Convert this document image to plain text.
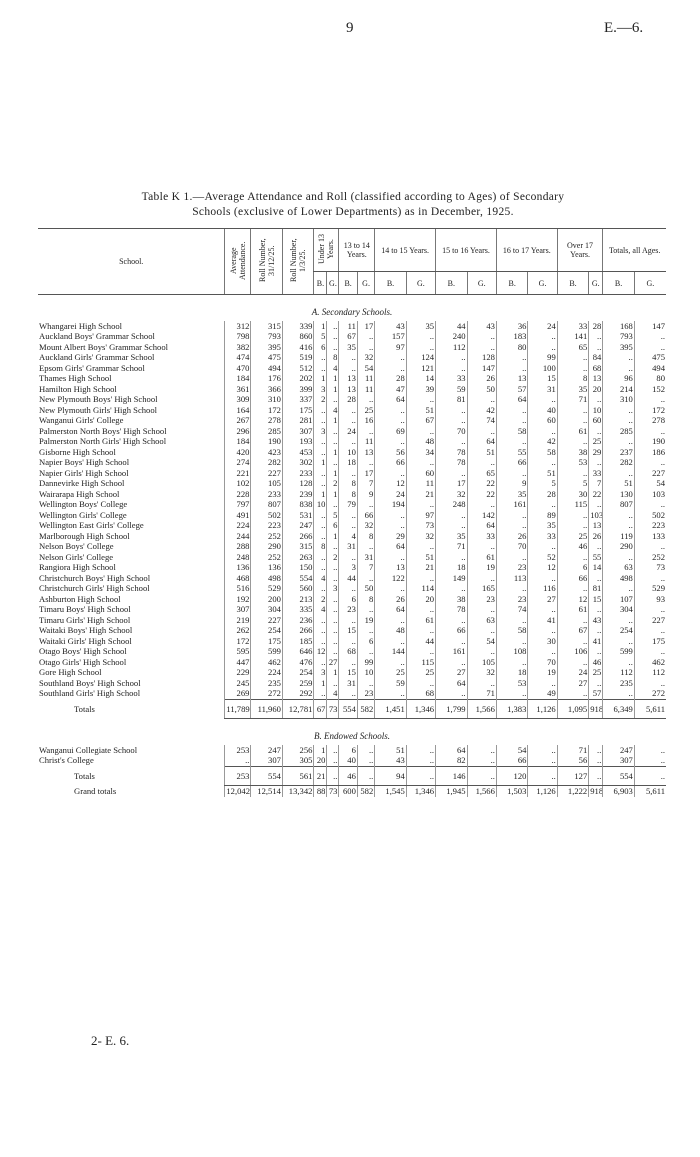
9	E.—6.
Table K 1.—Average Attendance and Roll (classified according to Ages) of Secondary
Schools (exclusive of Lower Departments) as in December, 1925.
School.	Average Attendance.	Roll Number, 31/12/25.	Roll Number, 1/3/25.	Under 13 Years.		13 to 14 Years.		14 to 15 Years.		15 to 16 Years.		16 to 17 Years.		Over 17 Years.		Totals, all Ages.	
				B.	G.	B.	G.	B.	G.	B.	G.	B.	G.	B.	G.	B.	G.
A. Secondary Schools.																	
Whangarei High School	312	315	339	1	..	11	17	43	35	44	43	36	24	33	28	168	147
Auckland Boys' Grammar School	798	793	860	5	..	67	..	157	..	240	..	183	..	141	..	793	..
Mount Albert Boys' Grammar School	382	395	416	6	..	35	..	97	..	112	..	80	..	65	..	395	..
Auckland Girls' Grammar School	474	475	519	..	8	..	32	..	124	..	128	..	99	..	84	..	475
Epsom Girls' Grammar School	470	494	512	..	4	..	54	..	121	..	147	..	100	..	68	..	494
Thames High School	184	176	202	1	1	13	11	28	14	33	26	13	15	8	13	96	80
Hamilton High School	361	366	399	3	1	13	11	47	39	59	50	57	31	35	20	214	152
New Plymouth Boys' High School	309	310	337	2	..	28	..	64	..	81	..	64	..	71	..	310	..
New Plymouth Girls' High School	164	172	175	..	4	..	25	..	51	..	42	..	40	..	10	..	172
Wanganui Girls' College	267	278	281	..	1	..	16	..	67	..	74	..	60	..	60	..	278
Palmerston North Boys' High School	296	285	307	3	..	24	..	69	..	70	..	58	..	61	..	285	..
Palmerston North Girls' High School	184	190	193	..	..	..	11	..	48	..	64	..	42	..	25	..	190
Gisborne High School	420	423	453	..	1	10	13	56	34	78	51	55	58	38	29	237	186
Napier Boys' High School	274	282	302	1	..	18	..	66	..	78	..	66	..	53	..	282	..
Napier Girls' High School	221	227	233	..	1	..	17	..	60	..	65	..	51	..	33	..	227
Dannevirke High School	102	105	128	..	2	8	7	12	11	17	22	9	5	5	7	51	54
Wairarapa High School	228	233	239	1	1	8	9	24	21	32	22	35	28	30	22	130	103
Wellington Boys' College	797	807	838	10	..	79	..	194	..	248	..	161	..	115	..	807	..
Wellington Girls' College	491	502	531	..	5	..	66	..	97	..	142	..	89	..	103	..	502
Wellington East Girls' College	224	223	247	..	6	..	32	..	73	..	64	..	35	..	13	..	223
Marlborough High School	244	252	266	..	1	4	8	29	32	35	33	26	33	25	26	119	133
Nelson Boys' College	288	290	315	8	..	31	..	64	..	71	..	70	..	46	..	290	..
Nelson Girls' College	248	252	263	..	2	..	31	..	51	..	61	..	52	..	55	..	252
Rangiora High School	136	136	150	..	..	3	7	13	21	18	19	23	12	6	14	63	73
Christchurch Boys' High School	468	498	554	4	..	44	..	122	..	149	..	113	..	66	..	498	..
Christchurch Girls' High School	516	529	560	..	3	..	50	..	114	..	165	..	116	..	81	..	529
Ashburton High School	192	200	213	2	..	6	8	26	20	38	23	23	27	12	15	107	93
Timaru Boys' High School	307	304	335	4	..	23	..	64	..	78	..	74	..	61	..	304	..
Timaru Girls' High School	219	227	236	..	..	..	19	..	61	..	63	..	41	..	43	..	227
Waitaki Boys' High School	262	254	266	..	..	15	..	48	..	66	..	58	..	67	..	254	..
Waitaki Girls' High School	172	175	185	..	..	..	6	..	44	..	54	..	30	..	41	..	175
Otago Boys' High School	595	599	646	12	..	68	..	144	..	161	..	108	..	106	..	599	..
Otago Girls' High School	447	462	476	..	27	..	99	..	115	..	105	..	70	..	46	..	462
Gore High School	229	224	254	3	1	15	10	25	25	27	32	18	19	24	25	112	112
Southland Boys' High School	245	235	259	1	..	31	..	59	..	64	..	53	..	27	..	235	..
Southland Girls' High School	269	272	292	..	4	..	23	..	68	..	71	..	49	..	57	..	272
Totals	11,789	11,960	12,781	67	73	554	582	1,451	1,346	1,799	1,566	1,383	1,126	1,095	918	6,349	5,611
B. Endowed Schools.																	
Wanganui Collegiate School	253	247	256	1	..	6	..	51	..	64	..	54	..	71	..	247	..
Christ's College	..	307	305	20	..	40	..	43	..	82	..	66	..	56	..	307	..
Totals	253	554	561	21	..	46	..	94	..	146	..	120	..	127	..	554	..
Grand totals	12,042	12,514	13,342	88	73	600	582	1,545	1,346	1,945	1,566	1,503	1,126	1,222	918	6,903	5,611
2- E. 6.
